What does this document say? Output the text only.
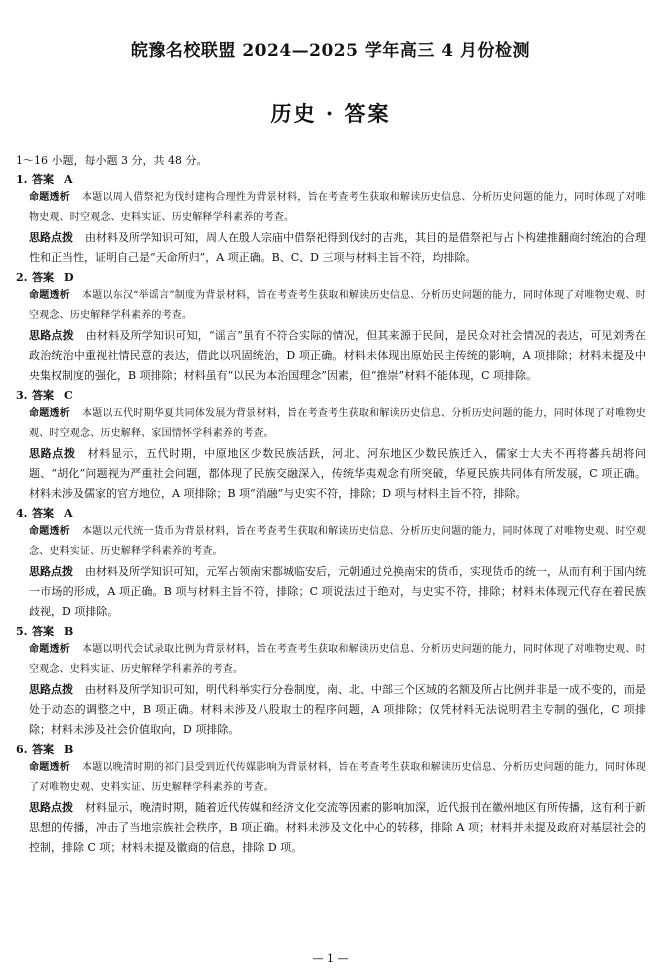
皖豫名校联盟 2024—2025 学年高三 4 月份检测
历史 · 答案
1～16 小题，每小题 3 分，共 48 分。
1. 答案 A
命题透析 本题以周人借祭祀为伐纣建构合理性为背景材料，旨在考查考生获取和解读历史信息、分析历史问题的能力，同时体现了对唯物史观、时空观念、史料实证、历史解释学科素养的考查。
思路点拨 由材料及所学知识可知，周人在殷人宗庙中借祭祀得到伐纣的吉兆，其目的是借祭祀与占卜构建推翻商纣统治的合理性和正当性，证明自己是“天命所归”，A 项正确。B、C、D 三项与材料主旨不符，均排除。
2. 答案 D
命题透析 本题以东汉“举谣言”制度为背景材料，旨在考查考生获取和解读历史信息、分析历史问题的能力，同时体现了对唯物史观、时空观念、历史解释学科素养的考查。
思路点拨 由材料及所学知识可知，“谣言”虽有不符合实际的情况，但其来源于民间，是民众对社会情况的表达，可见刘秀在政治统治中重视社情民意的表达，借此以巩固统治，D 项正确。材料未体现出原始民主传统的影响，A 项排除；材料未提及中央集权制度的强化，B 项排除；材料虽有“以民为本治国理念”因素，但“推崇”材料不能体现，C 项排除。
3. 答案 C
命题透析 本题以五代时期华夏共同体发展为背景材料，旨在考查考生获取和解读历史信息、分析历史问题的能力，同时体现了对唯物史观、时空观念、历史解释、家国情怀学科素养的考查。
思路点拨 材料显示，五代时期，中原地区少数民族活跃，河北、河东地区少数民族迁入，儒家士大夫不再将蕃兵胡将问题、“胡化”问题视为严重社会问题，都体现了民族交融深入，传统华夷观念有所突破，华夏民族共同体有所发展，C 项正确。材料未涉及儒家的官方地位，A 项排除；B 项“消融”与史实不符，排除；D 项与材料主旨不符，排除。
4. 答案 A
命题透析 本题以元代统一货币为背景材料，旨在考查考生获取和解读历史信息、分析历史问题的能力，同时体现了对唯物史观、时空观念、史料实证、历史解释学科素养的考查。
思路点拨 由材料及所学知识可知，元军占领南宋都城临安后，元朝通过兑换南宋的货币，实现货币的统一，从而有利于国内统一市场的形成，A 项正确。B 项与材料主旨不符，排除；C 项说法过于绝对，与史实不符，排除；材料未体现元代存在着民族歧视，D 项排除。
5. 答案 B
命题透析 本题以明代会试录取比例为背景材料，旨在考查考生获取和解读历史信息、分析历史问题的能力，同时体现了对唯物史观、时空观念、史料实证、历史解释学科素养的考查。
思路点拨 由材料及所学知识可知，明代科举实行分卷制度，南、北、中部三个区域的名额及所占比例并非是一成不变的，而是处于动态的调整之中，B 项正确。材料未涉及八股取士的程序问题，A 项排除；仅凭材料无法说明君主专制的强化，C 项排除；材料未涉及社会价值取向，D 项排除。
6. 答案 B
命题透析 本题以晚清时期的祁门县受到近代传媒影响为背景材料，旨在考查考生获取和解读历史信息、分析历史问题的能力，同时体现了对唯物史观、史料实证、历史解释学科素养的考查。
思路点拨 材料显示，晚清时期，随着近代传媒和经济文化交流等因素的影响加深，近代报刊在徽州地区有所传播，这有利于新思想的传播，冲击了当地宗族社会秩序，B 项正确。材料未涉及文化中心的转移，排除 A 项；材料并未提及政府对基层社会的控制，排除 C 项；材料未提及徽商的信息，排除 D 项。
— 1 —
